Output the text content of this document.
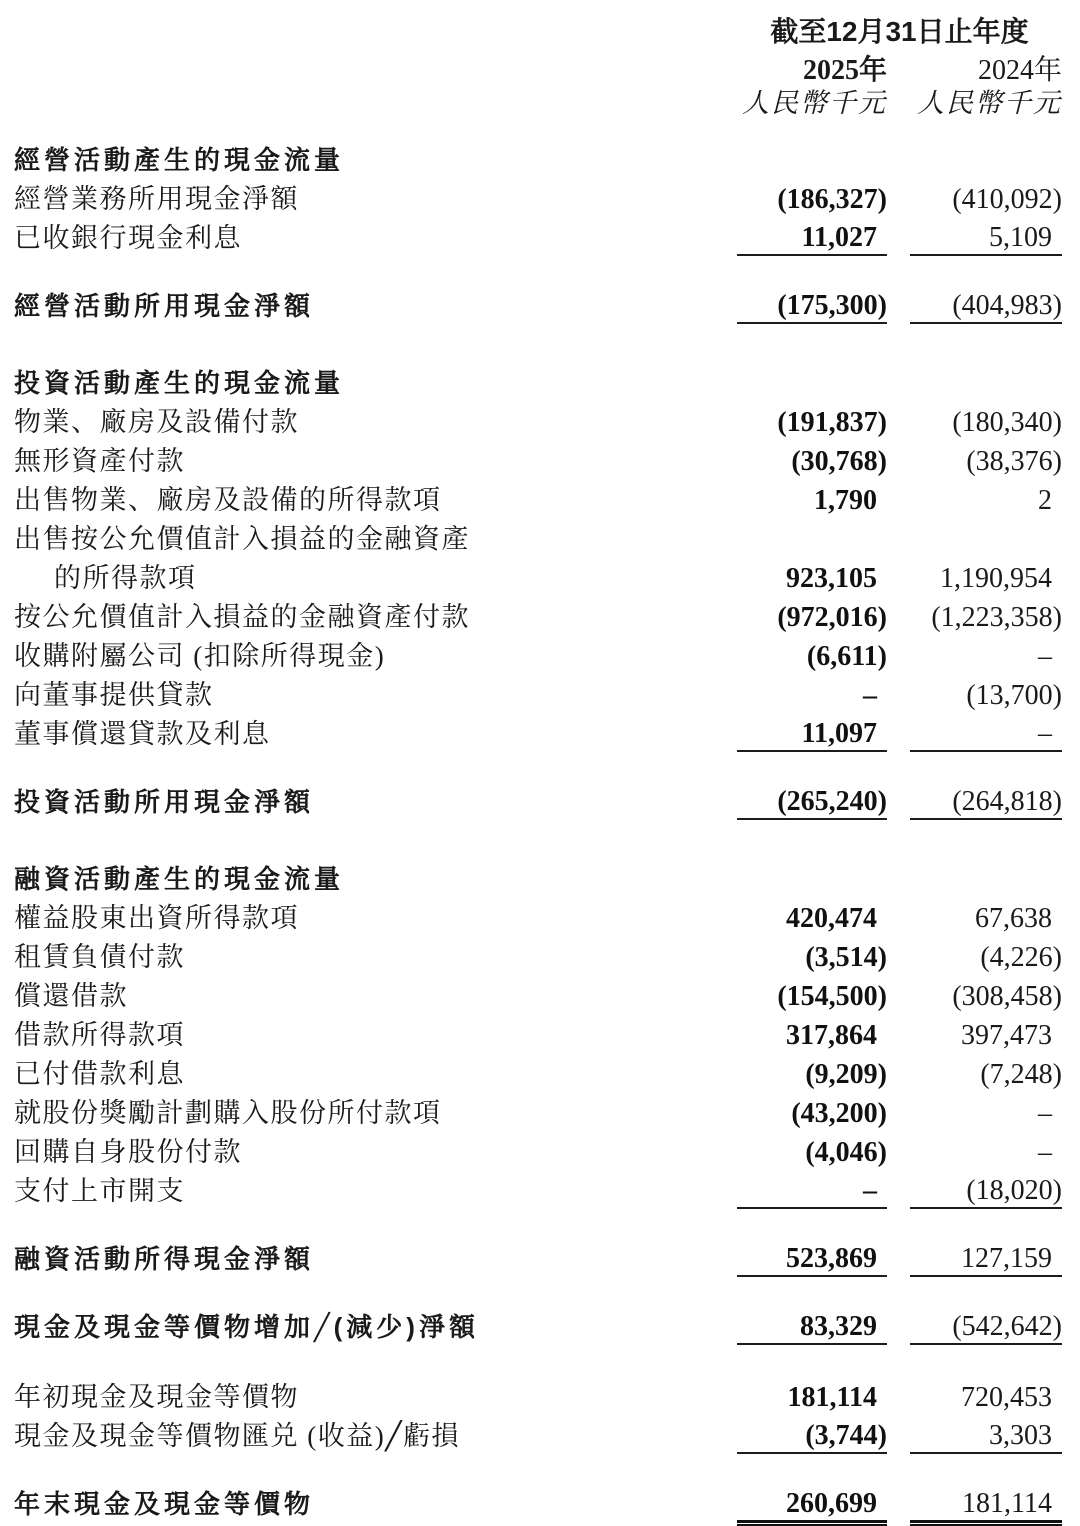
截至12月31日止年度
2025年	2024年
人民幣千元 人民幣千元
經營活動產生的現金流量			
經營業務所用現金淨額	(186,327)		(410,092)
已收銀行現金利息	11,027		5,109

經營活動所用現金淨額	(175,300)		(404,983)

投資活動產生的現金流量			
物業、廠房及設備付款	(191,837)		(180,340)
無形資產付款	(30,768)		(38,376)
出售物業、廠房及設備的所得款項	1,790		2
出售按公允價值計入損益的金融資產			
的所得款項	923,105		1,190,954
按公允價值計入損益的金融資產付款	(972,016)		(1,223,358)
收購附屬公司 (扣除所得現金)	(6,611)		–
向董事提供貸款	–		(13,700)
董事償還貸款及利息	11,097		–

投資活動所用現金淨額	(265,240)		(264,818)

融資活動產生的現金流量			
權益股東出資所得款項	420,474		67,638
租賃負債付款	(3,514)		(4,226)
償還借款	(154,500)		(308,458)
借款所得款項	317,864		397,473
已付借款利息	(9,209)		(7,248)
就股份獎勵計劃購入股份所付款項	(43,200)		–
回購自身股份付款	(4,046)		–
支付上市開支	–		(18,020)

融資活動所得現金淨額	523,869		127,159

現金及現金等價物增加╱(減少)淨額	83,329		(542,642)

年初現金及現金等價物	181,114		720,453
現金及現金等價物匯兑 (收益)╱虧損	(3,744)		3,303

年末現金及現金等價物	260,699		181,114
